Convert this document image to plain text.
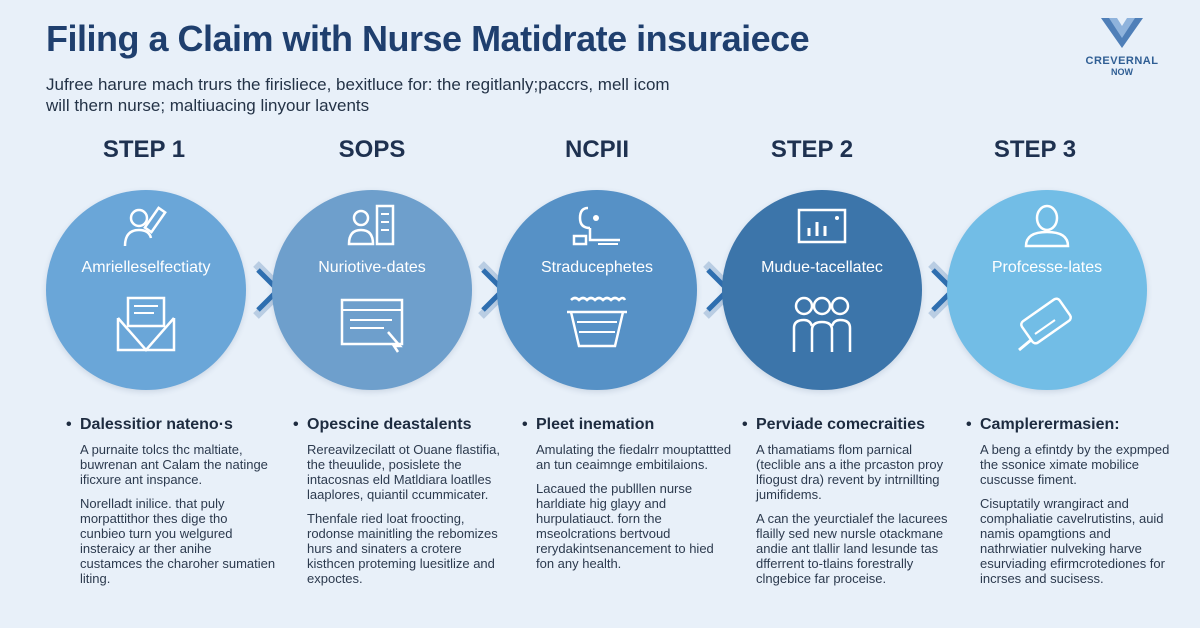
Filing a Claim with Nurse Matidrate insuraiece
Jufree harure mach trurs the firisliece, bexitluce for: the regitlanly;paccrs, mell icom will thern nurse; maltiuacing linyour lavents
CREVERNAL
NOW
STEP 1	SOPS	NCPII	STEP 2	STEP 3
Amrielleselfectiaty	Nuriotive-dates	Straducephetes	Mudue-tacellatec	Profcesse-lates
• Dalessitior nateno·s

A purnaite tolcs thc maltiate, buwrenan ant Calam the natinge ificxure ant inspance.

Norelladt inilice. that puly morpattithor thes dige tho cunbieo turn you welgured insteraicy ar ther anihe custamces the charoher sumatien liting.

• Opescine deastalents

Rereavilzecilatt ot Ouane flastifia, the theuulide, posislete the intacosnas eld Matldiara loatlles laaplores, quiantil ccummicater.

Thenfale ried loat froocting, rodonse mainitling the rebomizes hurs and sinaters a crotere kisthcen proteming luesitlize and expoctes.

• Pleet inemation

Amulating the fiedalrr mouptattted an tun ceaimnge embitilaions.

Lacaued the publllen nurse harldiate hig glayy and hurpulatiauct. forn the mseolcrations bertvoud rerydakintsenancement to hied fon any health.

• Perviade comecraities

A thamatiams flom parnical (teclible ans a ithe prcaston proy lfiogust dra) revent by intrnillting jumifidems.

A can the yeurctialef the lacurees flailly sed new nursle otackmane andie ant tlallir land lesunde tas dfferrent to-tlains forestrally clngebice far proceise.

• Camplerermasien:

A beng a efintdy by the expmped the ssonice ximate mobilice cuscusse fiment.

Cisuptatily wrangiract and comphaliatie cavelrutistins, auid namis opamgtions and nathrwiatier nulveking harve esurviading efirmcrotediones for incrses and sucisess.
